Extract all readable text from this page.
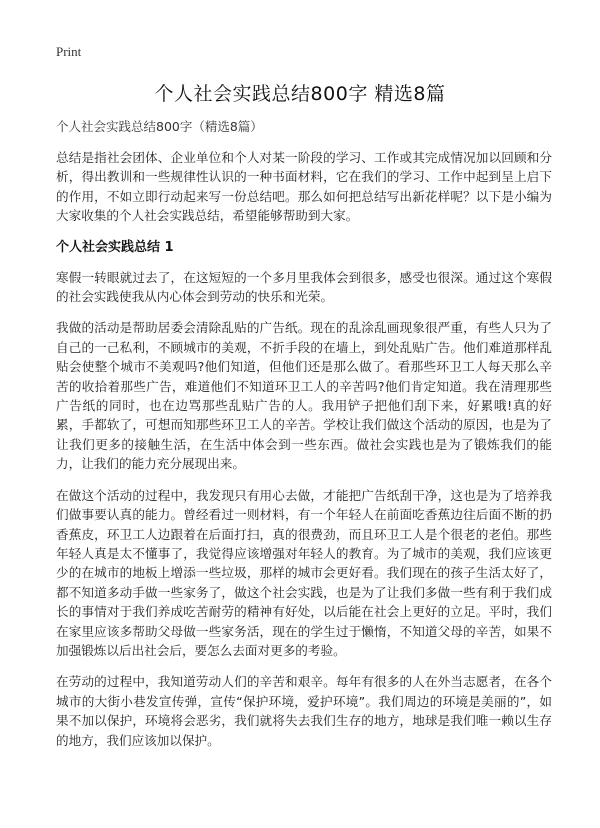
Print
个人社会实践总结800字 精选8篇

个人社会实践总结800字（精选8篇）

总结是指社会团体、企业单位和个人对某一阶段的学习、工作或其完成情况加以回顾和分析，得出教训和一些规律性认识的一种书面材料，它在我们的学习、工作中起到呈上启下的作用，不如立即行动起来写一份总结吧。那么如何把总结写出新花样呢？以下是小编为大家收集的个人社会实践总结，希望能够帮助到大家。

个人社会实践总结 1

寒假一转眼就过去了，在这短短的一个多月里我体会到很多，感受也很深。通过这个寒假的社会实践使我从内心体会到劳动的快乐和光荣。

我做的活动是帮助居委会清除乱贴的广告纸。现在的乱涂乱画现象很严重，有些人只为了自己的一己私利，不顾城市的美观，不折手段的在墙上，到处乱贴广告。他们难道那样乱贴会使整个城市不美观吗?他们知道，但他们还是那么做了。看那些环卫工人每天那么辛苦的收拾着那些广告，难道他们不知道环卫工人的辛苦吗?他们肯定知道。我在清理那些广告纸的同时，也在边骂那些乱贴广告的人。我用铲子把他们刮下来，好累哦!真的好累，手都软了，可想而知那些环卫工人的辛苦。学校让我们做这个活动的原因，也是为了让我们更多的接触生活，在生活中体会到一些东西。做社会实践也是为了锻炼我们的能力，让我们的能力充分展现出来。

在做这个活动的过程中，我发现只有用心去做，才能把广告纸刮干净，这也是为了培养我们做事要认真的能力。曾经看过一则材料，有一个年轻人在前面吃香蕉边往后面不断的扔香蕉皮，环卫工人边跟着在后面打扫，真的很费劲，而且环卫工人是个很老的老伯。那些年轻人真是太不懂事了，我觉得应该增强对年轻人的教育。为了城市的美观，我们应该更少的在城市的地板上增添一些垃圾，那样的城市会更好看。我们现在的孩子生活太好了，都不知道多动手做一些家务了，做这个社会实践，也是为了让我们多做一些有利于我们成长的事情对于我们养成吃苦耐劳的精神有好处，以后能在社会上更好的立足。平时，我们在家里应该多帮助父母做一些家务活，现在的学生过于懒惰，不知道父母的辛苦，如果不加强锻炼以后出社会后，要怎么去面对更多的考验。

在劳动的过程中，我知道劳动人们的辛苦和艰辛。每年有很多的人在外当志愿者，在各个城市的大街小巷发宣传弹，宣传“保护环境，爱护环境”。我们周边的环境是美丽的”，如果不加以保护，环境将会恶劣，我们就将失去我们生存的地方，地球是我们唯一赖以生存的地方，我们应该加以保护。
